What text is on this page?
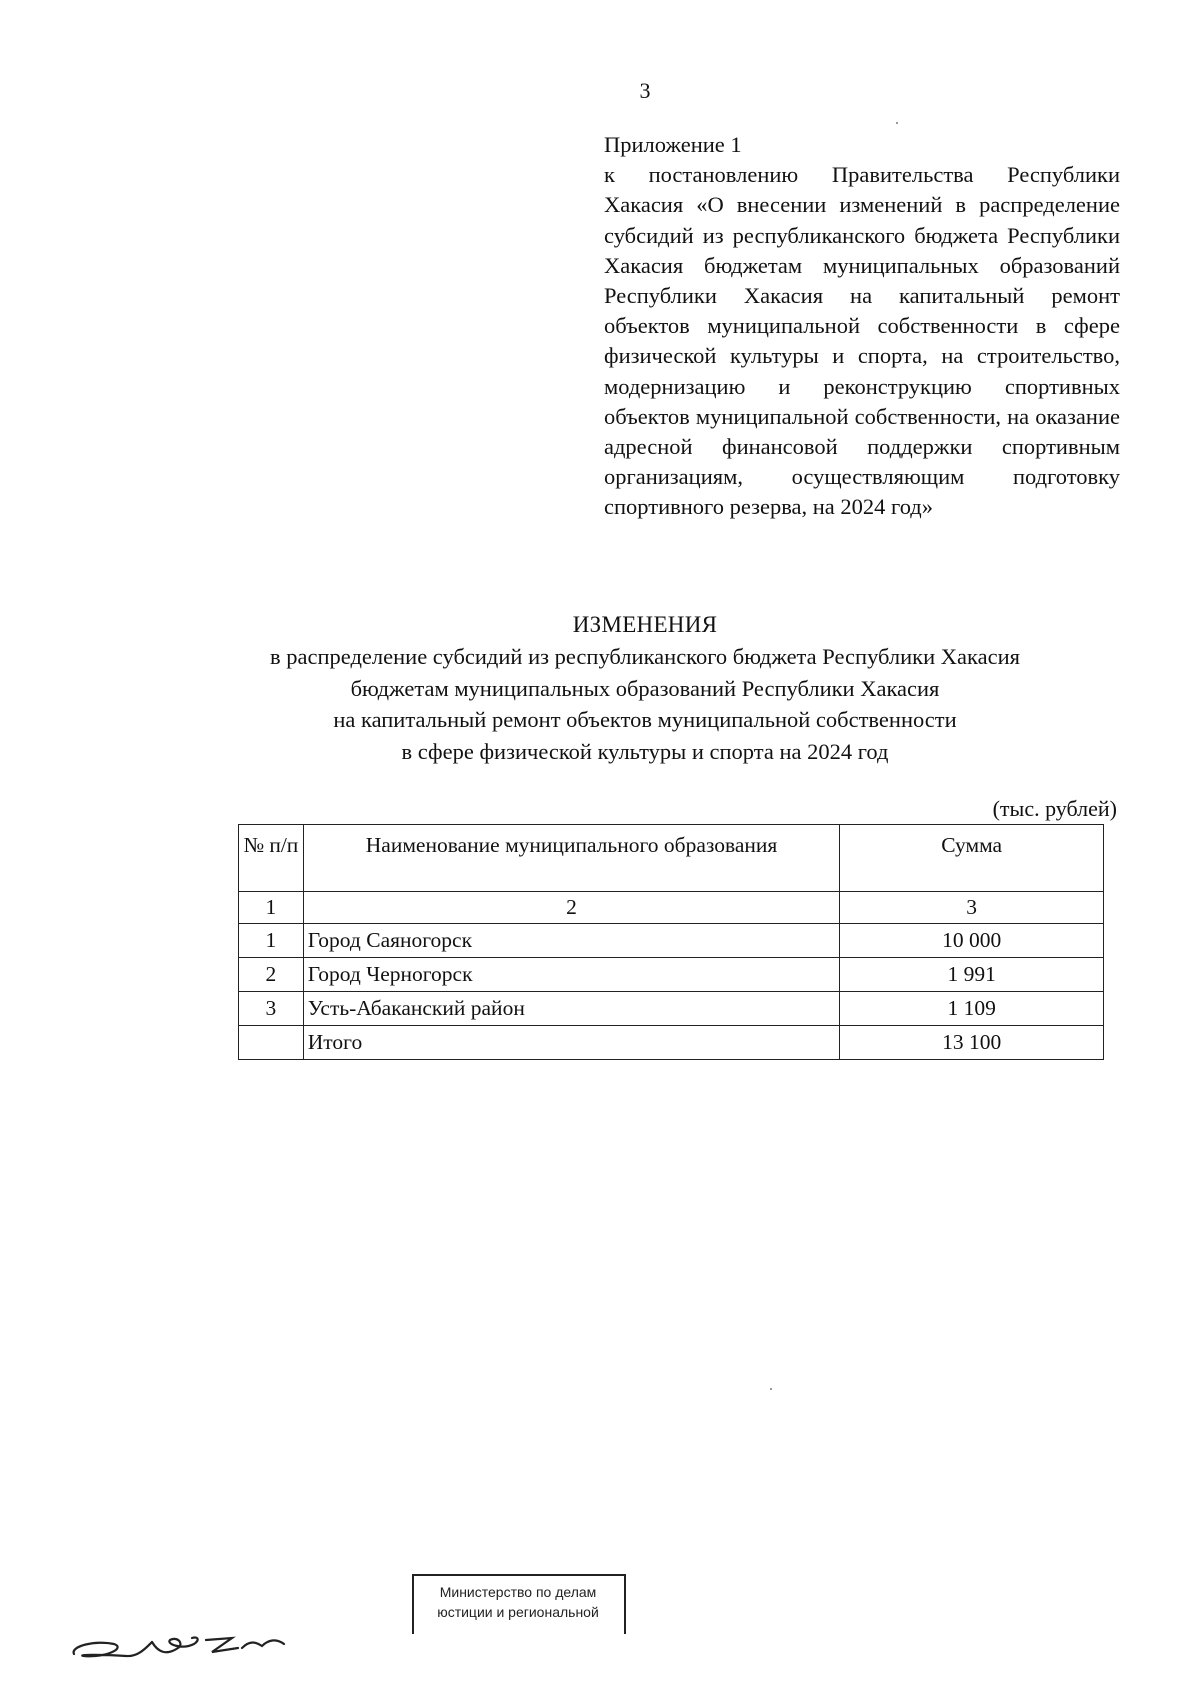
3
Приложение 1
к постановлению Правительства Республики Хакасия «О внесении изменений в распределение субсидий из республиканского бюджета Республики Хакасия бюджетам муниципальных образований Республики Хакасия на капитальный ремонт объектов муниципальной собственности в сфере физической культуры и спорта, на строительство, модернизацию и реконструкцию спортивных объектов муниципальной собственности, на оказание адресной финансовой поддержки спортивным организациям, осуществляющим подготовку спортивного резерва, на 2024 год»
ИЗМЕНЕНИЯ
в распределение субсидий из республиканского бюджета Республики Хакасия
бюджетам муниципальных образований Республики Хакасия
на капитальный ремонт объектов муниципальной собственности
в сфере физической культуры и спорта на 2024 год
(тыс. рублей)
№ п/п	Наименование муниципального образования	Сумма
1	2	3
1	Город Саяногорск	10 000
2	Город Черногорск	1 991
3	Усть-Абаканский район	1 109
	Итого	13 100
Министерство по делам
юстиции и региональной
